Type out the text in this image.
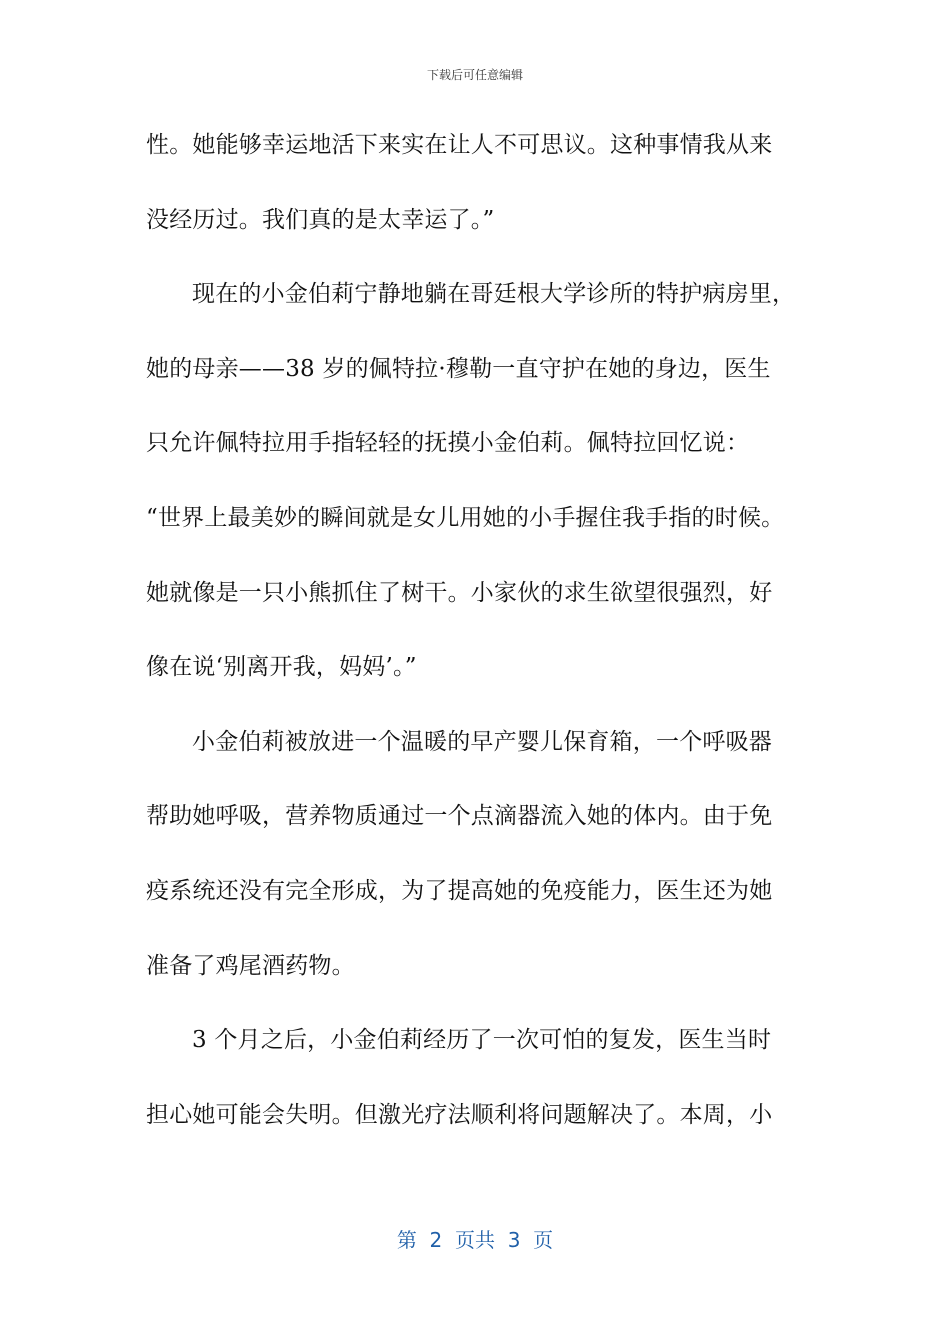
下载后可任意编辑
性。她能够幸运地活下来实在让人不可思议。这种事情我从来
没经历过。我们真的是太幸运了。”
现在的小金伯莉宁静地躺在哥廷根大学诊所的特护病房里，
她的母亲——38 岁的佩特拉·穆勒一直守护在她的身边，医生
只允许佩特拉用手指轻轻的抚摸小金伯莉。佩特拉回忆说：
“世界上最美妙的瞬间就是女儿用她的小手握住我手指的时候。
她就像是一只小熊抓住了树干。小家伙的求生欲望很强烈，好
像在说‘别离开我，妈妈’。”
小金伯莉被放进一个温暖的早产婴儿保育箱，一个呼吸器
帮助她呼吸，营养物质通过一个点滴器流入她的体内。由于免
疫系统还没有完全形成，为了提高她的免疫能力，医生还为她
准备了鸡尾酒药物。
3 个月之后，小金伯莉经历了一次可怕的复发，医生当时
担心她可能会失明。但激光疗法顺利将问题解决了。本周，小
第  2  页共  3  页
